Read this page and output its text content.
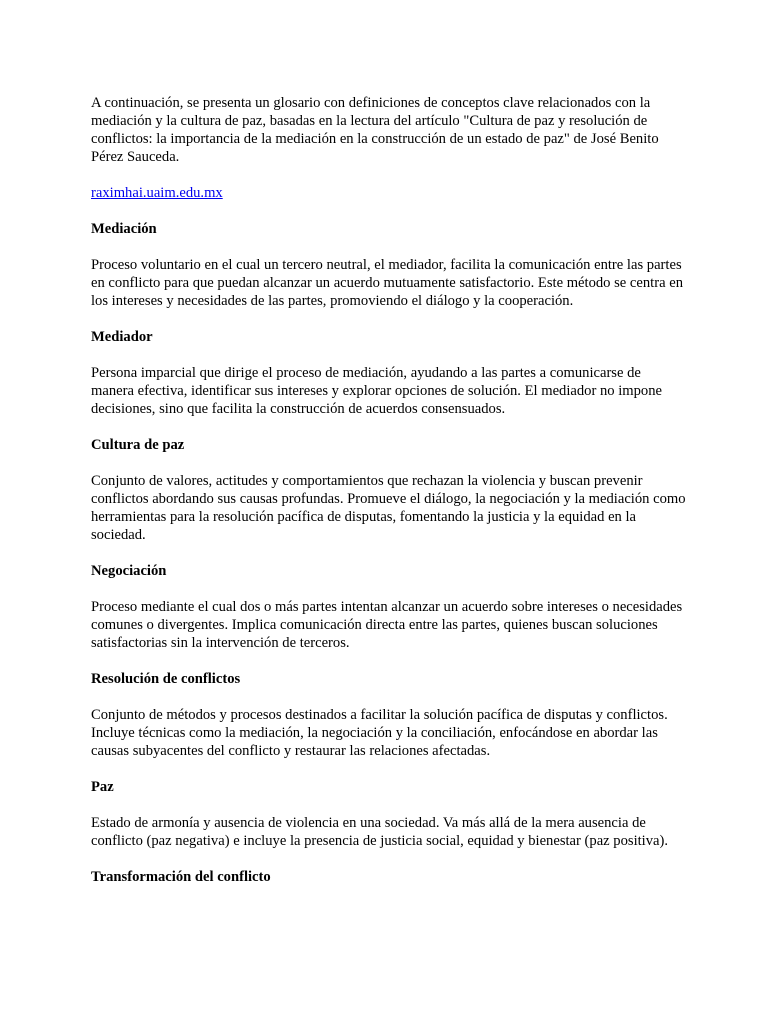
A continuación, se presenta un glosario con definiciones de conceptos clave relacionados con la mediación y la cultura de paz, basadas en la lectura del artículo "Cultura de paz y resolución de conflictos: la importancia de la mediación en la construcción de un estado de paz" de José Benito Pérez Sauceda.

raximhai.uaim.edu.mx

Mediación

Proceso voluntario en el cual un tercero neutral, el mediador, facilita la comunicación entre las partes en conflicto para que puedan alcanzar un acuerdo mutuamente satisfactorio. Este método se centra en los intereses y necesidades de las partes, promoviendo el diálogo y la cooperación.

Mediador

Persona imparcial que dirige el proceso de mediación, ayudando a las partes a comunicarse de manera efectiva, identificar sus intereses y explorar opciones de solución. El mediador no impone decisiones, sino que facilita la construcción de acuerdos consensuados.

Cultura de paz

Conjunto de valores, actitudes y comportamientos que rechazan la violencia y buscan prevenir conflictos abordando sus causas profundas. Promueve el diálogo, la negociación y la mediación como herramientas para la resolución pacífica de disputas, fomentando la justicia y la equidad en la sociedad.

Negociación

Proceso mediante el cual dos o más partes intentan alcanzar un acuerdo sobre intereses o necesidades comunes o divergentes. Implica comunicación directa entre las partes, quienes buscan soluciones satisfactorias sin la intervención de terceros.

Resolución de conflictos

Conjunto de métodos y procesos destinados a facilitar la solución pacífica de disputas y conflictos. Incluye técnicas como la mediación, la negociación y la conciliación, enfocándose en abordar las causas subyacentes del conflicto y restaurar las relaciones afectadas.

Paz

Estado de armonía y ausencia de violencia en una sociedad. Va más allá de la mera ausencia de conflicto (paz negativa) e incluye la presencia de justicia social, equidad y bienestar (paz positiva).

Transformación del conflicto
